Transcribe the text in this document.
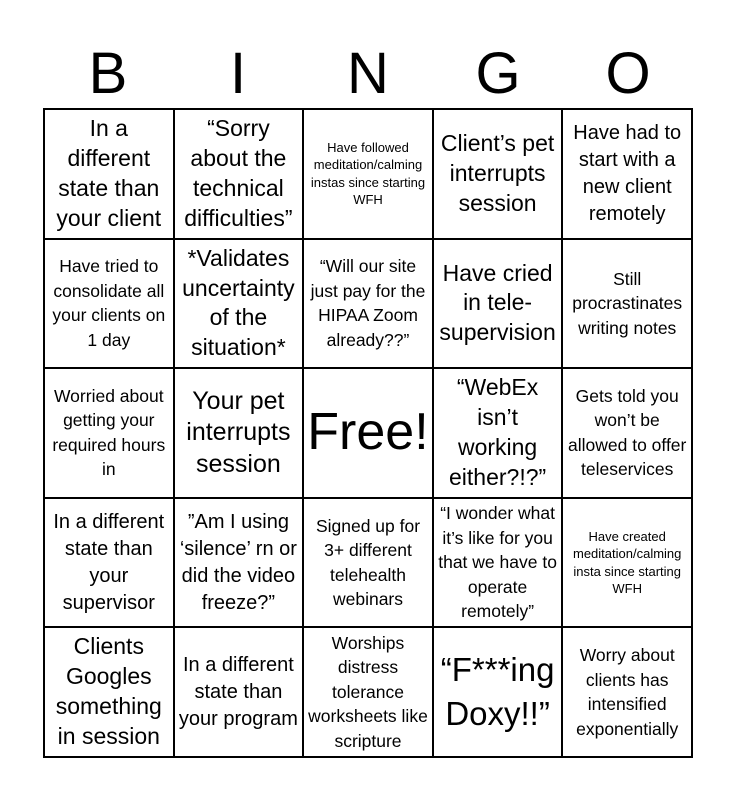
B	I	N	G	O
In a different state than your client
“Sorry about the technical difficulties”
Have followed meditation/calming instas since starting WFH
Client’s pet interrupts session
Have had to start with a new client remotely
Have tried to consolidate all your clients on 1 day
*Validates uncertainty of the situation*
“Will our site just pay for the HIPAA Zoom already??”
Have cried in tele-supervision
Still procrastinates writing notes
Worried about getting your required hours in
Your pet interrupts session
Free!
“WebEx isn’t working either?!?”
Gets told you won’t be allowed to offer teleservices
In a different state than your supervisor
”Am I using ‘silence’ rn or did the video freeze?”
Signed up for 3+ different telehealth webinars
“I wonder what it’s like for you that we have to operate remotely”
Have created meditation/calming insta since starting WFH
Clients Googles something in session
In a different state than your program
Worships distress tolerance worksheets like scripture
“F***ing Doxy!!”
Worry about clients has intensified exponentially
